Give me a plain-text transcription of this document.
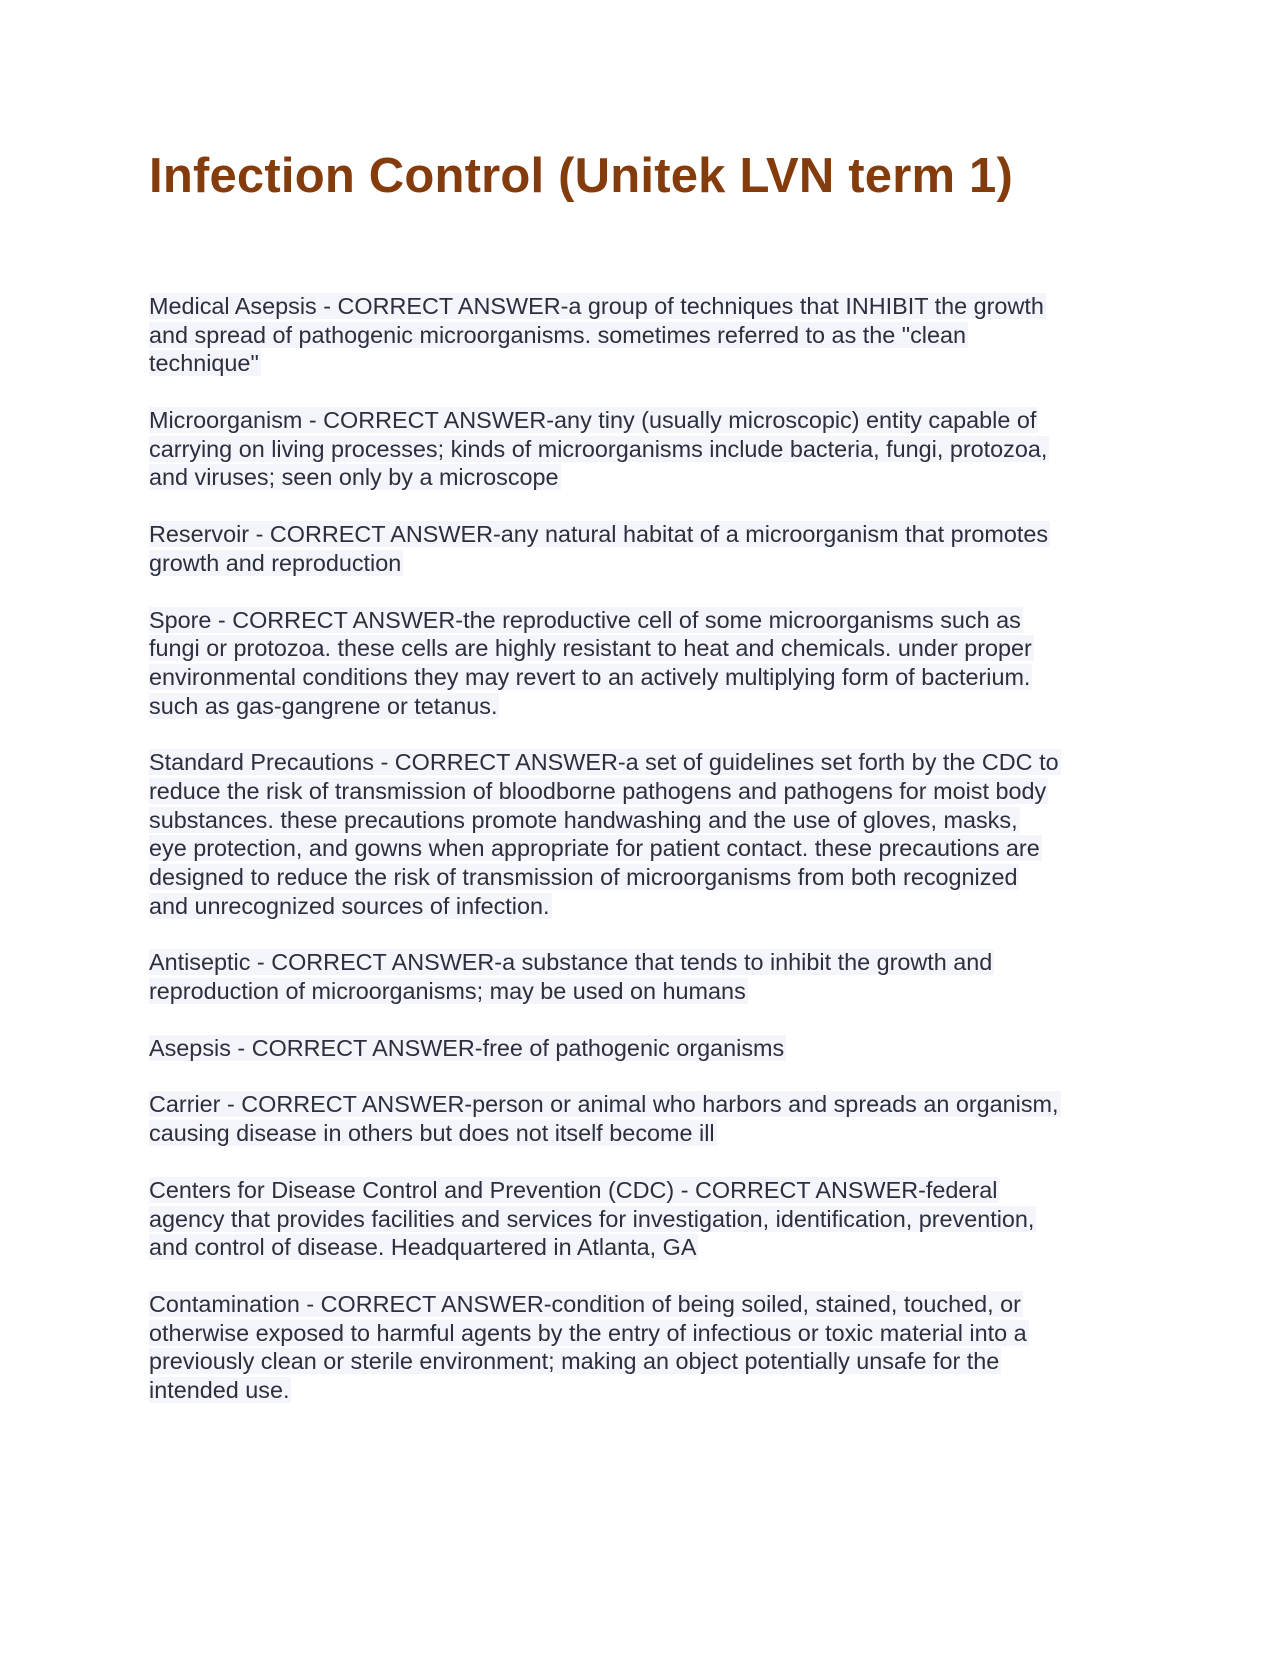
Infection Control (Unitek LVN term 1)
Medical Asepsis - CORRECT ANSWER-a group of techniques that INHIBIT the growth
and spread of pathogenic microorganisms. sometimes referred to as the "clean
technique"
Microorganism - CORRECT ANSWER-any tiny (usually microscopic) entity capable of
carrying on living processes; kinds of microorganisms include bacteria, fungi, protozoa,
and viruses; seen only by a microscope
Reservoir - CORRECT ANSWER-any natural habitat of a microorganism that promotes
growth and reproduction
Spore - CORRECT ANSWER-the reproductive cell of some microorganisms such as
fungi or protozoa. these cells are highly resistant to heat and chemicals. under proper
environmental conditions they may revert to an actively multiplying form of bacterium.
such as gas-gangrene or tetanus.
Standard Precautions - CORRECT ANSWER-a set of guidelines set forth by the CDC to
reduce the risk of transmission of bloodborne pathogens and pathogens for moist body
substances. these precautions promote handwashing and the use of gloves, masks,
eye protection, and gowns when appropriate for patient contact. these precautions are
designed to reduce the risk of transmission of microorganisms from both recognized
and unrecognized sources of infection.
Antiseptic - CORRECT ANSWER-a substance that tends to inhibit the growth and
reproduction of microorganisms; may be used on humans
Asepsis - CORRECT ANSWER-free of pathogenic organisms
Carrier - CORRECT ANSWER-person or animal who harbors and spreads an organism,
causing disease in others but does not itself become ill
Centers for Disease Control and Prevention (CDC) - CORRECT ANSWER-federal
agency that provides facilities and services for investigation, identification, prevention,
and control of disease. Headquartered in Atlanta, GA
Contamination - CORRECT ANSWER-condition of being soiled, stained, touched, or
otherwise exposed to harmful agents by the entry of infectious or toxic material into a
previously clean or sterile environment; making an object potentially unsafe for the
intended use.
